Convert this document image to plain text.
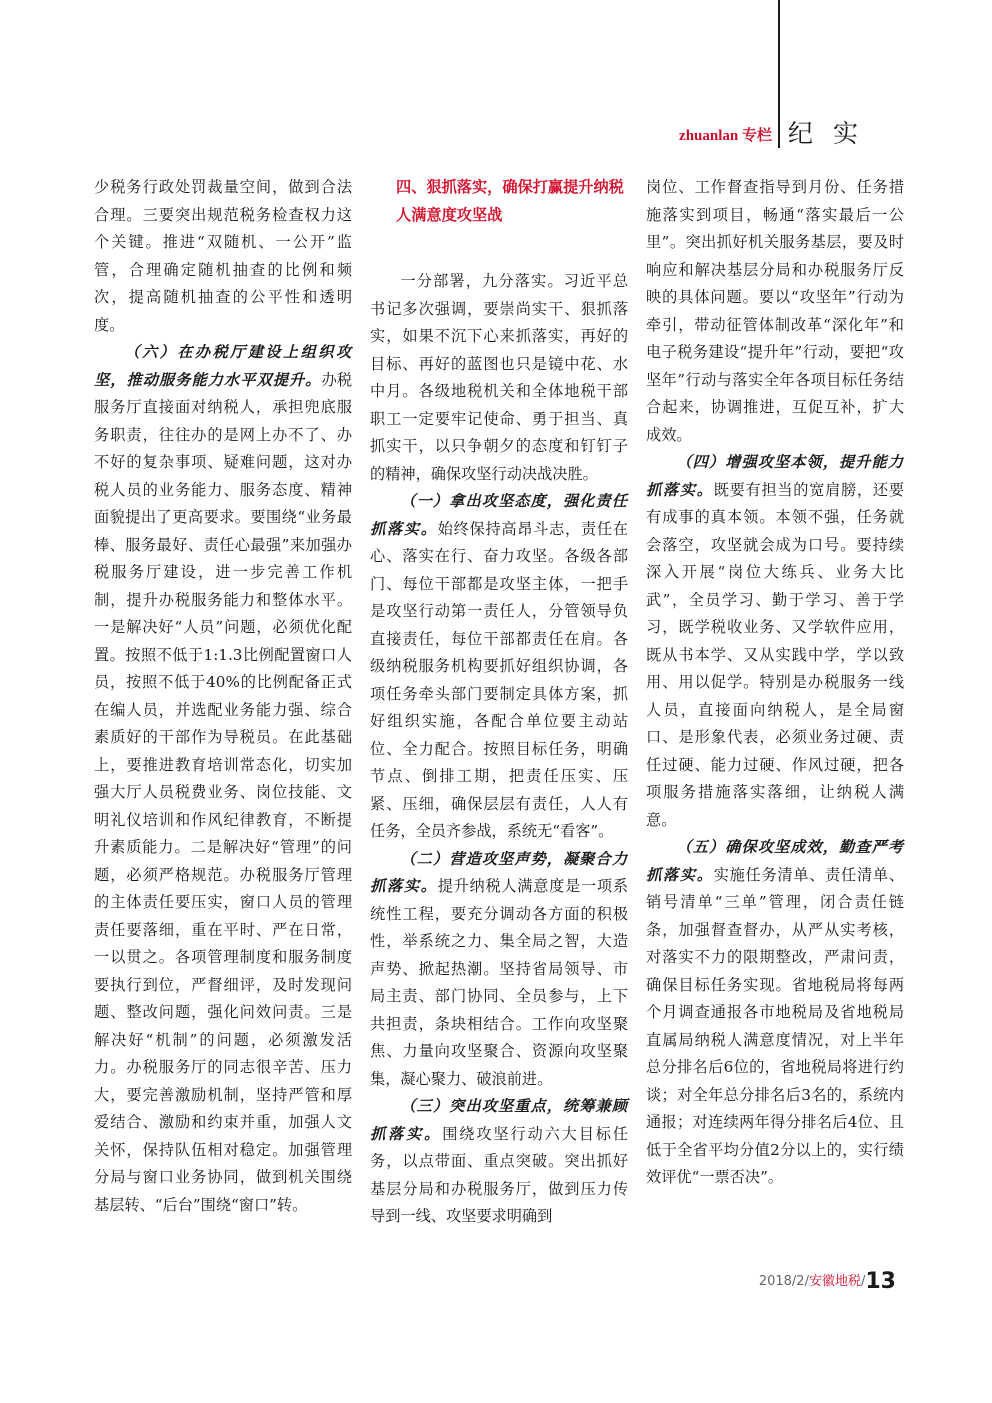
zhuanlan 专栏 纪 实

少税务行政处罚裁量空间，做到合法合理。三要突出规范税务检查权力这个关键。推进“双随机、一公开”监管，合理确定随机抽查的比例和频次，提高随机抽查的公平性和透明度。

（六）在办税厅建设上组织攻坚，推动服务能力水平双提升。办税服务厅直接面对纳税人，承担兜底服务职责，往往办的是网上办不了、办不好的复杂事项、疑难问题，这对办税人员的业务能力、服务态度、精神面貌提出了更高要求。要围绕“业务最棒、服务最好、责任心最强”来加强办税服务厅建设，进一步完善工作机制，提升办税服务能力和整体水平。一是解决好“人员”问题，必须优化配置。按照不低于1:1.3比例配置窗口人员，按照不低于40%的比例配备正式在编人员，并选配业务能力强、综合素质好的干部作为导税员。在此基础上，要推进教育培训常态化，切实加强大厅人员税费业务、岗位技能、文明礼仪培训和作风纪律教育，不断提升素质能力。二是解决好“管理”的问题，必须严格规范。办税服务厅管理的主体责任要压实，窗口人员的管理责任要落细，重在平时、严在日常，一以贯之。各项管理制度和服务制度要执行到位，严督细评，及时发现问题、整改问题，强化问效问责。三是解决好“机制”的问题，必须激发活力。办税服务厅的同志很辛苦、压力大，要完善激励机制，坚持严管和厚爱结合、激励和约束并重，加强人文关怀，保持队伍相对稳定。加强管理分局与窗口业务协同，做到机关围绕基层转、“后台”围绕“窗口”转。

四、狠抓落实，确保打赢提升纳税人满意度攻坚战

一分部署，九分落实。习近平总书记多次强调，要崇尚实干、狠抓落实，如果不沉下心来抓落实，再好的目标、再好的蓝图也只是镜中花、水中月。各级地税机关和全体地税干部职工一定要牢记使命、勇于担当、真抓实干，以只争朝夕的态度和钉钉子的精神，确保攻坚行动决战决胜。

（一）拿出攻坚态度，强化责任抓落实。始终保持高昂斗志，责任在心、落实在行、奋力攻坚。各级各部门、每位干部都是攻坚主体，一把手是攻坚行动第一责任人，分管领导负直接责任，每位干部都责任在肩。各级纳税服务机构要抓好组织协调，各项任务牵头部门要制定具体方案，抓好组织实施，各配合单位要主动站位、全力配合。按照目标任务，明确节点、倒排工期，把责任压实、压紧、压细，确保层层有责任，人人有任务，全员齐参战，系统无“看客”。

（二）营造攻坚声势，凝聚合力抓落实。提升纳税人满意度是一项系统性工程，要充分调动各方面的积极性，举系统之力、集全局之智，大造声势、掀起热潮。坚持省局领导、市局主责、部门协同、全员参与，上下共担责，条块相结合。工作向攻坚聚焦、力量向攻坚聚合、资源向攻坚聚集，凝心聚力、破浪前进。

（三）突出攻坚重点，统筹兼顾抓落实。围绕攻坚行动六大目标任务，以点带面、重点突破。突出抓好基层分局和办税服务厅，做到压力传导到一线、攻坚要求明确到

岗位、工作督查指导到月份、任务措施落实到项目，畅通“落实最后一公里”。突出抓好机关服务基层，要及时响应和解决基层分局和办税服务厅反映的具体问题。要以“攻坚年”行动为牵引，带动征管体制改革“深化年”和电子税务建设“提升年”行动，要把“攻坚年”行动与落实全年各项目标任务结合起来，协调推进，互促互补，扩大成效。

（四）增强攻坚本领，提升能力抓落实。既要有担当的宽肩膀，还要有成事的真本领。本领不强，任务就会落空，攻坚就会成为口号。要持续深入开展“岗位大练兵、业务大比武”，全员学习、勤于学习、善于学习，既学税收业务、又学软件应用，既从书本学、又从实践中学，学以致用、用以促学。特别是办税服务一线人员，直接面向纳税人，是全局窗口、是形象代表，必须业务过硬、责任过硬、能力过硬、作风过硬，把各项服务措施落实落细，让纳税人满意。

（五）确保攻坚成效，勤查严考抓落实。实施任务清单、责任清单、销号清单“三单”管理，闭合责任链条，加强督查督办，从严从实考核，对落实不力的限期整改，严肃问责，确保目标任务实现。省地税局将每两个月调查通报各市地税局及省地税局直属局纳税人满意度情况，对上半年总分排名后6位的，省地税局将进行约谈；对全年总分排名后3名的，系统内通报；对连续两年得分排名后4位、且低于全省平均分值2分以上的，实行绩效评优“一票否决”。

2018/2/安徽地税/13
